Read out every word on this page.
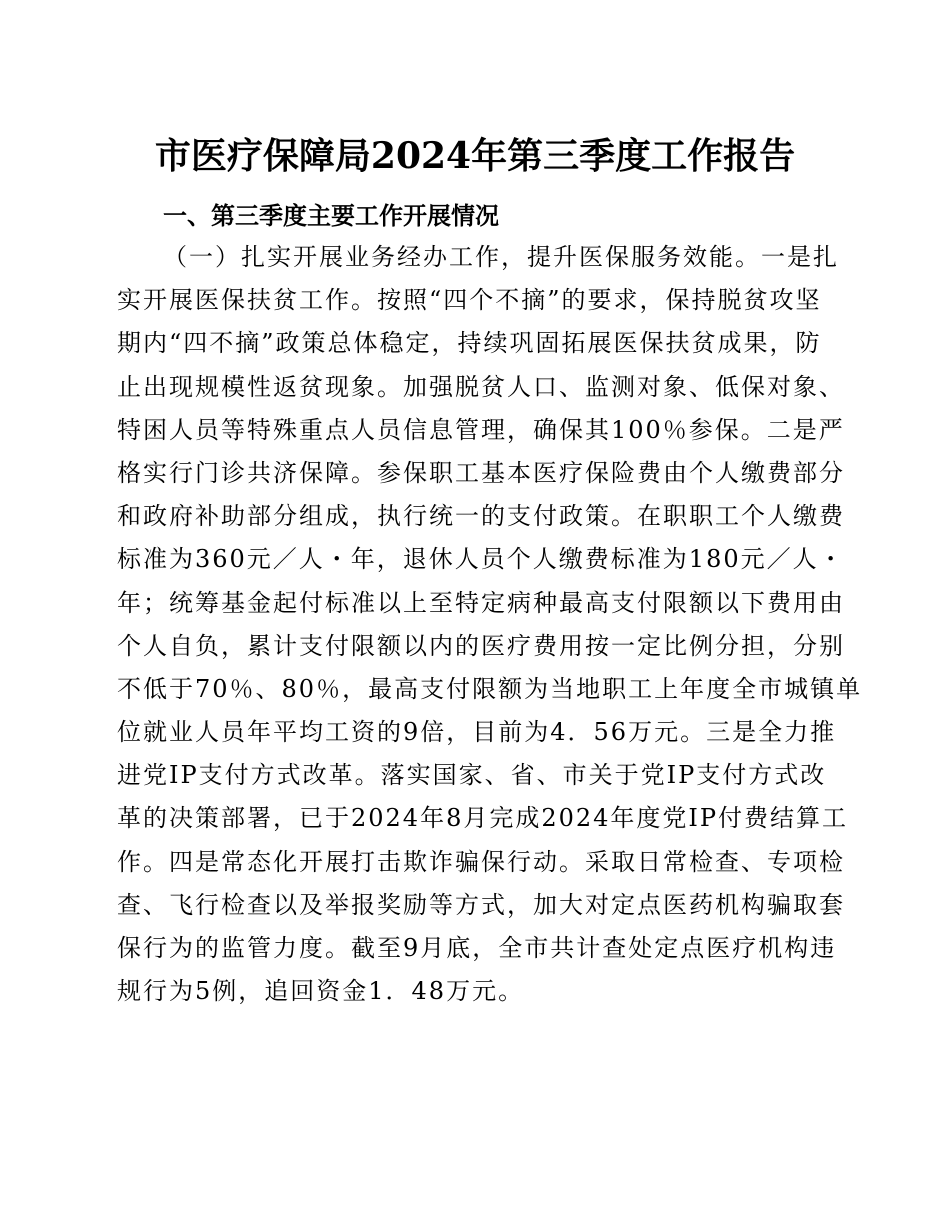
市医疗保障局2024年第三季度工作报告
一、第三季度主要工作开展情况
（一）扎实开展业务经办工作，提升医保服务效能。一是扎
实开展医保扶贫工作。按照“四个不摘”的要求，保持脱贫攻坚
期内“四不摘”政策总体稳定，持续巩固拓展医保扶贫成果，防
止出现规模性返贫现象。加强脱贫人口、监测对象、低保对象、
特困人员等特殊重点人员信息管理，确保其100％参保。二是严
格实行门诊共济保障。参保职工基本医疗保险费由个人缴费部分
和政府补助部分组成，执行统一的支付政策。在职职工个人缴费
标准为360元／人・年，退休人员个人缴费标准为180元／人・
年；统筹基金起付标准以上至特定病种最高支付限额以下费用由
个人自负，累计支付限额以内的医疗费用按一定比例分担，分别
不低于70％、80％，最高支付限额为当地职工上年度全市城镇单
位就业人员年平均工资的9倍，目前为4．56万元。三是全力推
进党IP支付方式改革。落实国家、省、市关于党IP支付方式改
革的决策部署，已于2024年8月完成2024年度党IP付费结算工
作。四是常态化开展打击欺诈骗保行动。采取日常检查、专项检
查、飞行检查以及举报奖励等方式，加大对定点医药机构骗取套
保行为的监管力度。截至9月底，全市共计查处定点医疗机构违
规行为5例，追回资金1．48万元。
